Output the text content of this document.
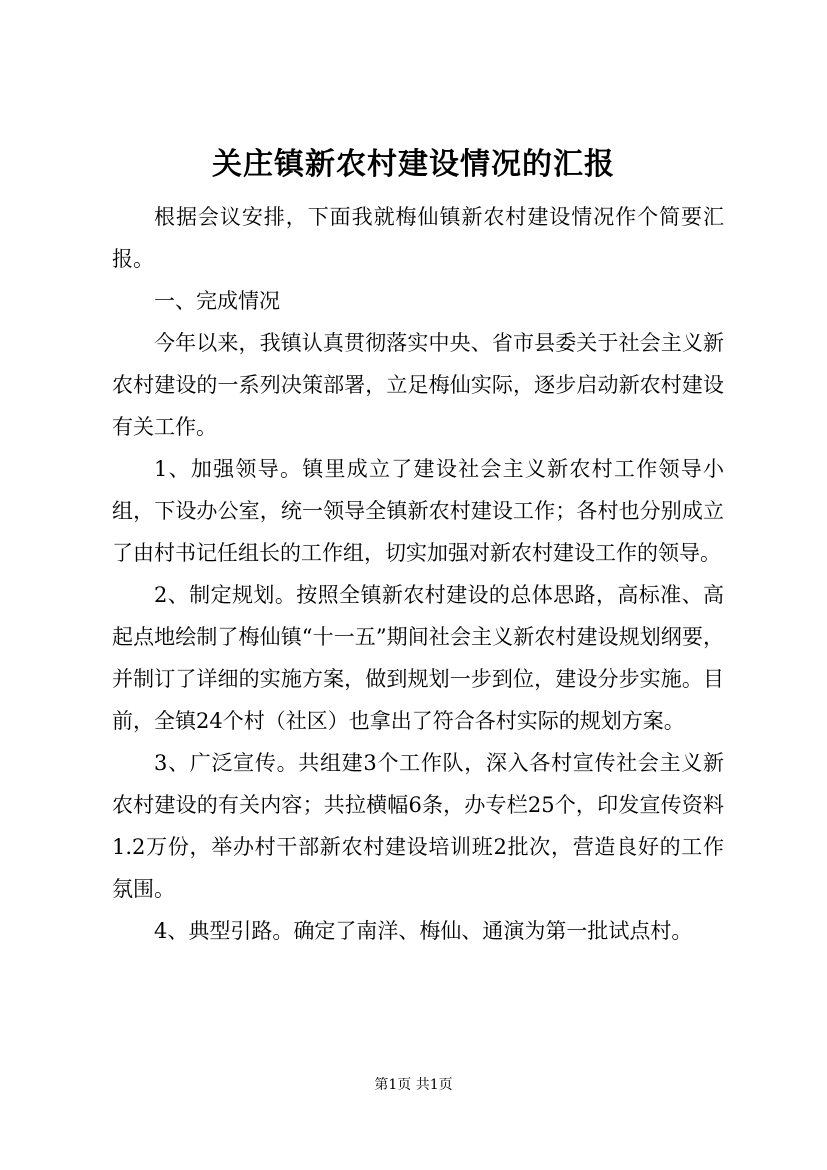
关庄镇新农村建设情况的汇报

根据会议安排，下面我就梅仙镇新农村建设情况作个简要汇报。

一、完成情况

今年以来，我镇认真贯彻落实中央、省市县委关于社会主义新农村建设的一系列决策部署，立足梅仙实际，逐步启动新农村建设有关工作。

1、加强领导。镇里成立了建设社会主义新农村工作领导小组，下设办公室，统一领导全镇新农村建设工作；各村也分别成立了由村书记任组长的工作组，切实加强对新农村建设工作的领导。

2、制定规划。按照全镇新农村建设的总体思路，高标准、高起点地绘制了梅仙镇“十一五”期间社会主义新农村建设规划纲要，并制订了详细的实施方案，做到规划一步到位，建设分步实施。目前，全镇24个村（社区）也拿出了符合各村实际的规划方案。

3、广泛宣传。共组建3个工作队，深入各村宣传社会主义新农村建设的有关内容；共拉横幅6条，办专栏25个，印发宣传资料1.2万份，举办村干部新农村建设培训班2批次，营造良好的工作氛围。

4、典型引路。确定了南洋、梅仙、通演为第一批试点村。

第1页 共1页
